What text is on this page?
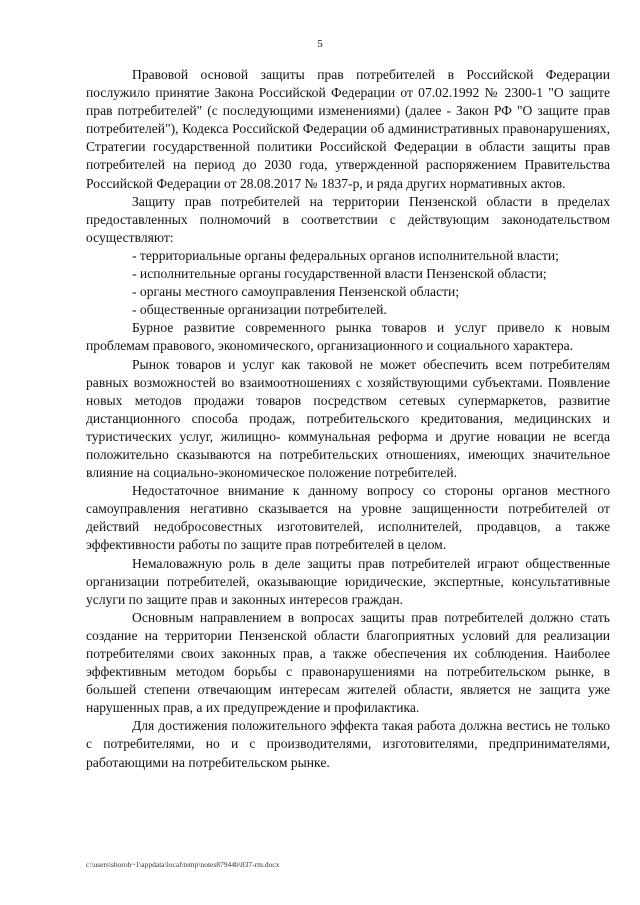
5

Правовой основой защиты прав потребителей в Российской Федерации послужило принятие Закона Российской Федерации от 07.02.1992 № 2300-1 "О защите прав потребителей" (с последующими изменениями) (далее - Закон РФ "О защите прав потребителей"), Кодекса Российской Федерации об административных правонарушениях, Стратегии государственной политики Российской Федерации в области защиты прав потребителей на период до 2030 года, утвержденной распоряжением Правительства Российской Федерации от 28.08.2017 № 1837-р, и ряда других нормативных актов.

Защиту прав потребителей на территории Пензенской области в пределах предоставленных полномочий в соответствии с действующим законодательством осуществляют:

- территориальные органы федеральных органов исполнительной власти;

- исполнительные органы государственной власти Пензенской области;

- органы местного самоуправления Пензенской области;

- общественные организации потребителей.

Бурное развитие современного рынка товаров и услуг привело к новым проблемам правового, экономического, организационного и социального характера.

Рынок товаров и услуг как таковой не может обеспечить всем потребителям равных возможностей во взаимоотношениях с хозяйствующими субъектами. Появление новых методов продажи товаров посредством сетевых супермаркетов, развитие дистанционного способа продаж, потребительского кредитования, медицинских и туристических услуг, жилищно- коммунальная реформа и другие новации не всегда положительно сказываются на потребительских отношениях, имеющих значительное влияние на социально-экономическое положение потребителей.

Недостаточное внимание к данному вопросу со стороны органов местного самоуправления негативно сказывается на уровне защищенности потребителей от действий недобросовестных изготовителей, исполнителей, продавцов, а также эффективности работы по защите прав потребителей в целом.

Немаловажную роль в деле защиты прав потребителей играют общественные организации потребителей, оказывающие юридические, экспертные, консультативные услуги по защите прав и законных интересов граждан.

Основным направлением в вопросах защиты прав потребителей должно стать создание на территории Пензенской области благоприятных условий для реализации потребителями своих законных прав, а также обеспечения их соблюдения. Наиболее эффективным методом борьбы с правонарушениями на потребительском рынке, в большей степени отвечающим интересам жителей области, является не защита уже нарушенных прав, а их предупреждение и профилактика.

Для достижения положительного эффекта такая работа должна вестись не только с потребителями, но и с производителями, изготовителями, предпринимателями, работающими на потребительском рынке.

c:\users\shoroh~1\appdata\local\temp\notes87944b\837-rm.docx
